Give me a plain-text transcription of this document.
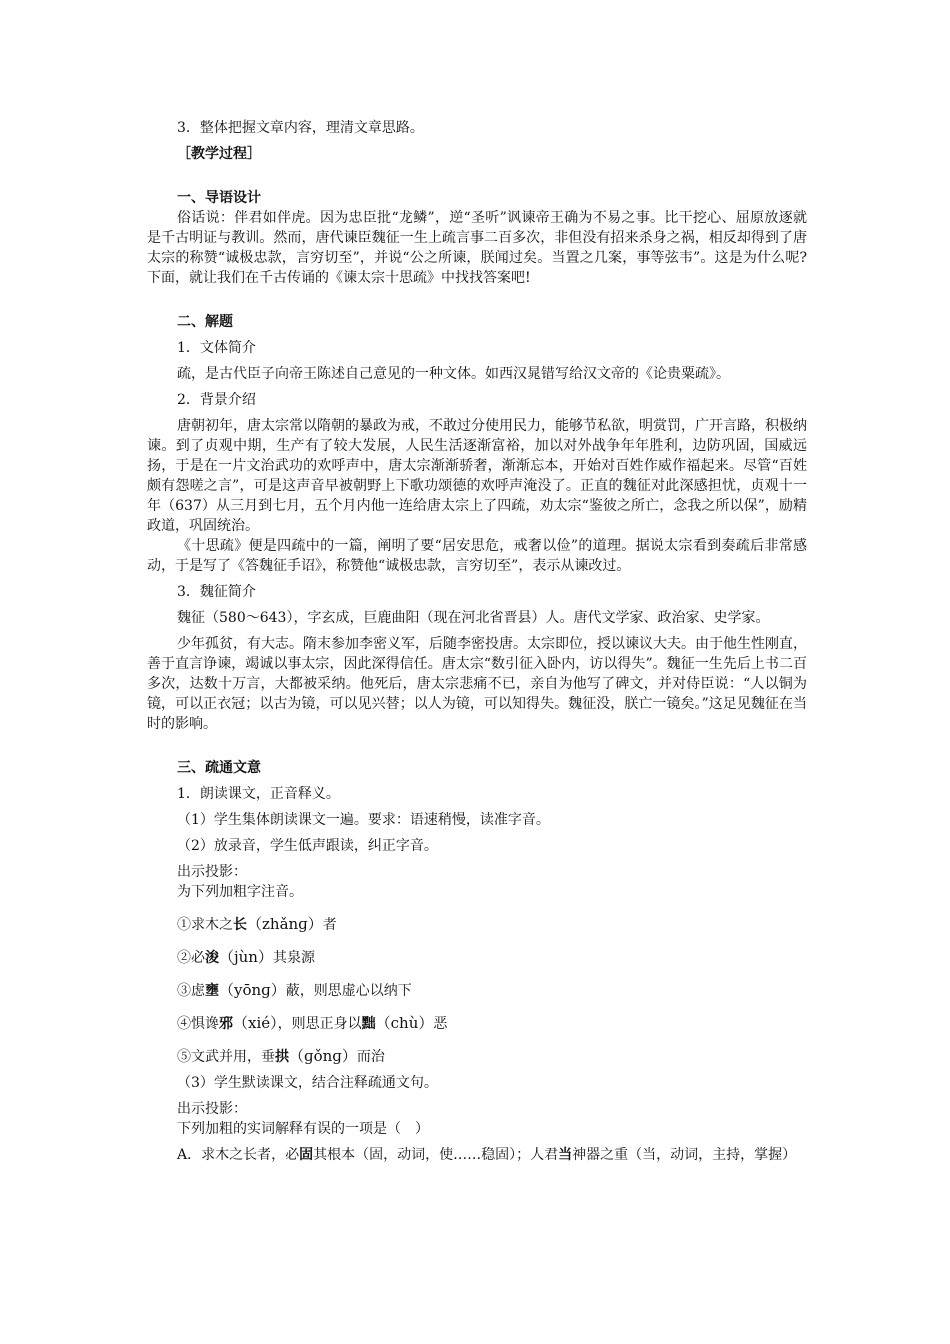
3．整体把握文章内容，理清文章思路。

［教学过程］

一、导语设计

俗话说：伴君如伴虎。因为忠臣批“龙鳞”，逆“圣听”讽谏帝王确为不易之事。比干挖心、屈原放逐就是千古明证与教训。然而，唐代谏臣魏征一生上疏言事二百多次，非但没有招来杀身之祸，相反却得到了唐太宗的称赞“诚极忠款，言穷切至”，并说“公之所谏，朕闻过矣。当置之几案，事等弦韦”。这是为什么呢?下面，就让我们在千古传诵的《谏太宗十思疏》中找找答案吧!

二、解题

1．文体简介

疏，是古代臣子向帝王陈述自己意见的一种文体。如西汉晁错写给汉文帝的《论贵粟疏》。

2．背景介绍

唐朝初年，唐太宗常以隋朝的暴政为戒，不敢过分使用民力，能够节私欲，明赏罚，广开言路，积极纳谏。到了贞观中期，生产有了较大发展，人民生活逐渐富裕，加以对外战争年年胜利，边防巩固，国威远扬，于是在一片文治武功的欢呼声中，唐太宗渐渐骄奢，渐渐忘本，开始对百姓作威作福起来。尽管“百姓颇有怨嗟之言”，可是这声音早被朝野上下歌功颂德的欢呼声淹没了。正直的魏征对此深感担忧，贞观十一年（637）从三月到七月，五个月内他一连给唐太宗上了四疏，劝太宗“鉴彼之所亡，念我之所以保”，励精政道，巩固统治。

《十思疏》便是四疏中的一篇，阐明了要“居安思危，戒奢以俭”的道理。据说太宗看到奏疏后非常感动，于是写了《答魏征手诏》，称赞他“诚极忠款，言穷切至”，表示从谏改过。

3．魏征简介

魏征（580～643），字玄成，巨鹿曲阳（现在河北省晋县）人。唐代文学家、政治家、史学家。

少年孤贫，有大志。隋末参加李密义军，后随李密投唐。太宗即位，授以谏议大夫。由于他生性刚直，善于直言诤谏，竭诚以事太宗，因此深得信任。唐太宗“数引征入卧内，访以得失”。魏征一生先后上书二百多次，达数十万言，大都被采纳。他死后，唐太宗悲痛不已，亲自为他写了碑文，并对侍臣说：“人以铜为镜，可以正衣冠；以古为镜，可以见兴替；以人为镜，可以知得失。魏征没，朕亡一镜矣。”这足见魏征在当时的影响。

三、疏通文意

1．朗读课文，正音释义。

（1）学生集体朗读课文一遍。要求：语速稍慢，读准字音。

（2）放录音，学生低声跟读，纠正字音。

出示投影：

为下列加粗字注音。

①求木之长（zhǎnɡ）者

②必浚（jùn）其泉源

③虑壅（yōnɡ）蔽，则思虚心以纳下

④惧谗邪（xié），则思正身以黜（chù）恶

⑤文武并用，垂拱（ɡǒnɡ）而治

（3）学生默读课文，结合注释疏通文句。

出示投影：

下列加粗的实词解释有误的一项是（　）

A．求木之长者，必固其根本（固，动词，使……稳固）；人君当神器之重（当，动词，主持，掌握）
